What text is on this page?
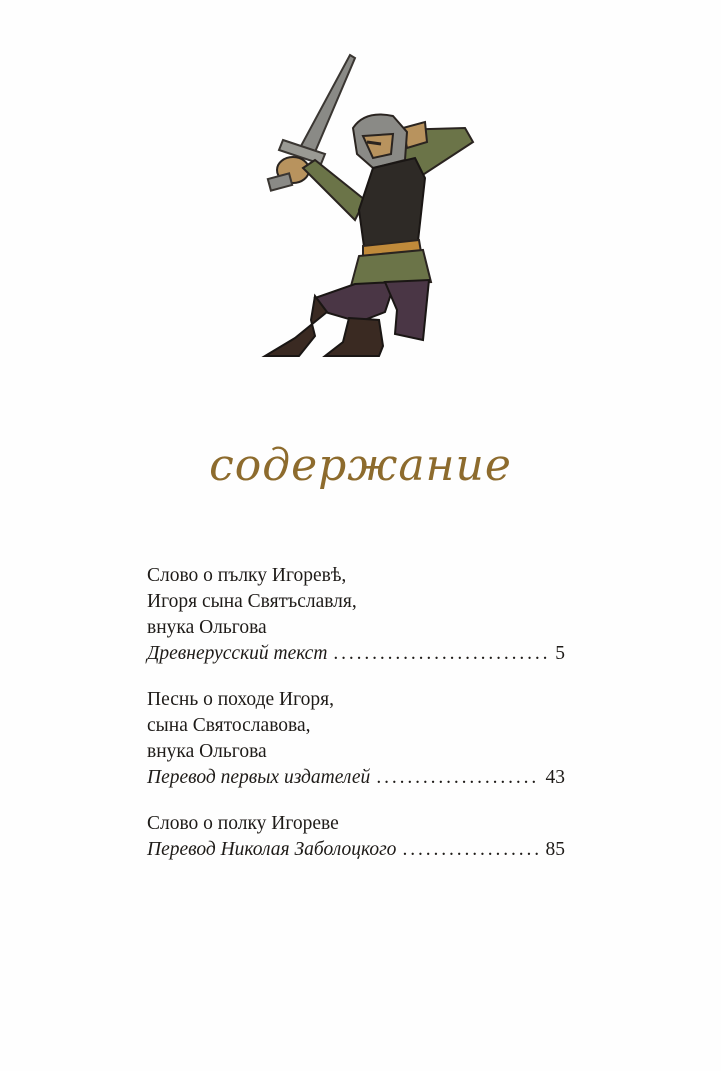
содержание
Слово о пълку Игоревѣ,
Игоря сына Святъславля,
внука Ольгова
Древнерусский текст . . .	5
Песнь о походе Игоря,
сына Святославова,
внука Ольгова
Перевод первых издателей . . .	43
Слово о полку Игореве
Перевод Николая Заболоцкого . . .	85
